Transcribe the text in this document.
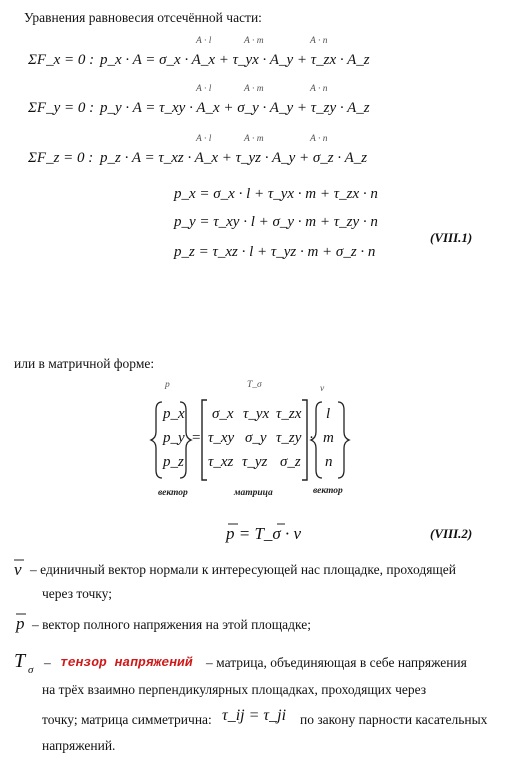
Уравнения равновесия отсечённой части:
A · l	A · m	A · n
ΣF_x = 0 : p_x · A = σ_x · A_x + τ_yx · A_y + τ_zx · A_z
A · l	A · m	A · n
ΣF_y = 0 : p_y · A = τ_xy · A_x + σ_y · A_y + τ_zy · A_z
A · l	A · m	A · n
ΣF_z = 0 : p_z · A = τ_xz · A_x + τ_yz · A_y + σ_z · A_z
p_x = σ_x · l + τ_yx · m + τ_zx · n
p_y = τ_xy · l + σ_y · m + τ_zy · n
(VIII.1)
p_z = τ_xz · l + τ_yz · m + σ_z · n
или в матричной форме:
p	T_σ	ν
p_x
p_y
p_z
=
σ_x τ_yx τ_zx
τ_xy σ_y τ_zy
τ_xz τ_yz σ_z
·
l
m
n
вектор	матрица	вектор
p = T_σ · ν	(VIII.2)
ν – единичный вектор нормали к интересующей нас площадке, проходящей
через точку;
p – вектор полного напряжения на этой площадке;
T σ – тензор напряжений – матрица, объединяющая в себе напряжения
на трёх взаимно перпендикулярных площадках, проходящих через
точку; матрица симметрична: τ_ij = τ_ji по закону парности касательных
напряжений.
